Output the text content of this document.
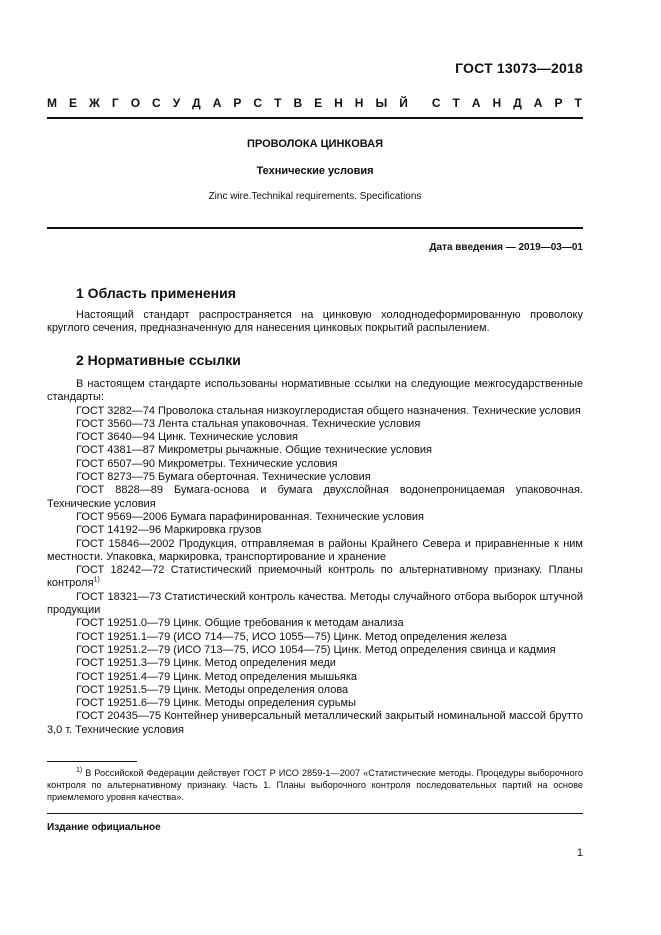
ГОСТ 13073—2018
М Е Ж Г О С У Д А Р С Т В Е Н Н Ы Й С Т А Н Д А Р Т
ПРОВОЛОКА ЦИНКОВАЯ
Технические условия
Zinc wire.Technikal requirements. Specifications
Дата введения — 2019—03—01
1 Область применения

Настоящий стандарт распространяется на цинковую холоднодеформированную проволоку круглого сечения, предназначенную для нанесения цинковых покрытий распылением.

2 Нормативные ссылки

В настоящем стандарте использованы нормативные ссылки на следующие межгосударственные стандарты:

ГОСТ 3282—74 Проволока стальная низкоуглеродистая общего назначения. Технические условия

ГОСТ 3560—73 Лента стальная упаковочная. Технические условия

ГОСТ 3640—94 Цинк. Технические условия

ГОСТ 4381—87 Микрометры рычажные. Общие технические условия

ГОСТ 6507—90 Микрометры. Технические условия

ГОСТ 8273—75 Бумага оберточная. Технические условия

ГОСТ 8828—89 Бумага-основа и бумага двухслойная водонепроницаемая упаковочная. Технические условия

ГОСТ 9569—2006 Бумага парафинированная. Технические условия

ГОСТ 14192—96 Маркировка грузов

ГОСТ 15846—2002 Продукция, отправляемая в районы Крайнего Севера и приравненные к ним местности. Упаковка, маркировка, транспортирование и хранение

ГОСТ 18242—72 Статистический приемочный контроль по альтернативному признаку. Планы контроля$^{1)}$

ГОСТ 18321—73 Статистический контроль качества. Методы случайного отбора выборок штучной продукции

ГОСТ 19251.0—79 Цинк. Общие требования к методам анализа

ГОСТ 19251.1—79 (ИСО 714—75, ИСО 1055—75) Цинк. Метод определения железа

ГОСТ 19251.2—79 (ИСО 713—75, ИСО 1054—75) Цинк. Метод определения свинца и кадмия

ГОСТ 19251.3—79 Цинк. Метод определения меди

ГОСТ 19251.4—79 Цинк. Метод определения мышьяка

ГОСТ 19251.5—79 Цинк. Методы определения олова

ГОСТ 19251.6—79 Цинк. Методы определения сурьмы

ГОСТ 20435—75 Контейнер универсальный металлический закрытый номинальной массой брутто 3,0 т. Технические условия

$^{1)}$ В Российской Федерации действует ГОСТ Р ИСО 2859-1—2007 «Статистические методы. Процедуры выборочного контроля по альтернативному признаку. Часть 1. Планы выборочного контроля последовательных партий на основе приемлемого уровня качества».

Издание официальное
1
